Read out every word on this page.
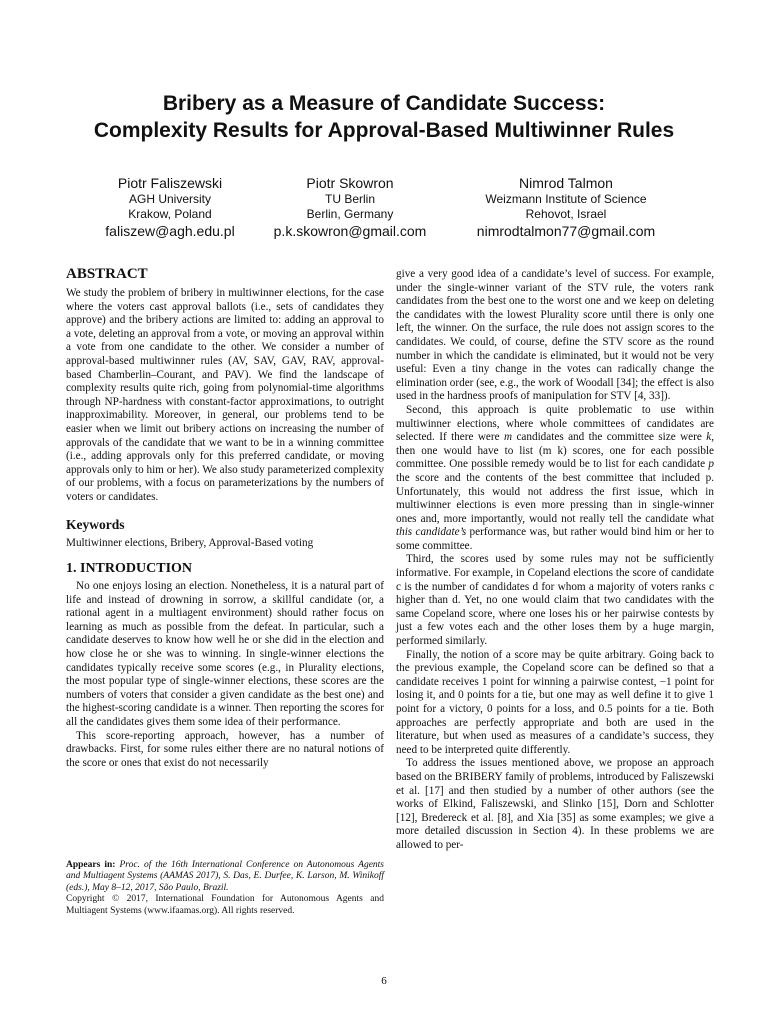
Bribery as a Measure of Candidate Success:
Complexity Results for Approval-Based Multiwinner Rules
Piotr Faliszewski
AGH University
Krakow, Poland
faliszew@agh.edu.pl
Piotr Skowron
TU Berlin
Berlin, Germany
p.k.skowron@gmail.com
Nimrod Talmon
Weizmann Institute of Science
Rehovot, Israel
nimrodtalmon77@gmail.com
ABSTRACT

We study the problem of bribery in multiwinner elections, for the case where the voters cast approval ballots (i.e., sets of candidates they approve) and the bribery actions are limited to: adding an approval to a vote, deleting an approval from a vote, or moving an approval within a vote from one candidate to the other. We consider a number of approval-based multiwinner rules (AV, SAV, GAV, RAV, approval-based Chamberlin–Courant, and PAV). We find the landscape of complexity results quite rich, going from polynomial-time algorithms through NP-hardness with constant-factor approximations, to outright inapproximability. Moreover, in general, our problems tend to be easier when we limit out bribery actions on increasing the number of approvals of the candidate that we want to be in a winning committee (i.e., adding approvals only for this preferred candidate, or moving approvals only to him or her). We also study parameterized complexity of our problems, with a focus on parameterizations by the numbers of voters or candidates.

Keywords

Multiwinner elections, Bribery, Approval-Based voting

1. INTRODUCTION

No one enjoys losing an election. Nonetheless, it is a natural part of life and instead of drowning in sorrow, a skillful candidate (or, a rational agent in a multiagent environment) should rather focus on learning as much as possible from the defeat. In particular, such a candidate deserves to know how well he or she did in the election and how close he or she was to winning. In single-winner elections the candidates typically receive some scores (e.g., in Plurality elections, the most popular type of single-winner elections, these scores are the numbers of voters that consider a given candidate as the best one) and the highest-scoring candidate is a winner. Then reporting the scores for all the candidates gives them some idea of their performance.

This score-reporting approach, however, has a number of drawbacks. First, for some rules either there are no natural notions of the score or ones that exist do not necessarily

give a very good idea of a candidate’s level of success. For example, under the single-winner variant of the STV rule, the voters rank candidates from the best one to the worst one and we keep on deleting the candidates with the lowest Plurality score until there is only one left, the winner. On the surface, the rule does not assign scores to the candidates. We could, of course, define the STV score as the round number in which the candidate is eliminated, but it would not be very useful: Even a tiny change in the votes can radically change the elimination order (see, e.g., the work of Woodall [34]; the effect is also used in the hardness proofs of manipulation for STV [4, 33]).

Second, this approach is quite problematic to use within multiwinner elections, where whole committees of candidates are selected. If there were m candidates and the committee size were k, then one would have to list (m k) scores, one for each possible committee. One possible remedy would be to list for each candidate p the score and the contents of the best committee that included p. Unfortunately, this would not address the first issue, which in multiwinner elections is even more pressing than in single-winner ones and, more importantly, would not really tell the candidate what this candidate’s performance was, but rather would bind him or her to some committee.

Third, the scores used by some rules may not be sufficiently informative. For example, in Copeland elections the score of candidate c is the number of candidates d for whom a majority of voters ranks c higher than d. Yet, no one would claim that two candidates with the same Copeland score, where one loses his or her pairwise contests by just a few votes each and the other loses them by a huge margin, performed similarly.

Finally, the notion of a score may be quite arbitrary. Going back to the previous example, the Copeland score can be defined so that a candidate receives 1 point for winning a pairwise contest, −1 point for losing it, and 0 points for a tie, but one may as well define it to give 1 point for a victory, 0 points for a loss, and 0.5 points for a tie. Both approaches are perfectly appropriate and both are used in the literature, but when used as measures of a candidate’s success, they need to be interpreted quite differently.

To address the issues mentioned above, we propose an approach based on the BRIBERY family of problems, introduced by Faliszewski et al. [17] and then studied by a number of other authors (see the works of Elkind, Faliszewski, and Slinko [15], Dorn and Schlotter [12], Bredereck et al. [8], and Xia [35] as some examples; we give a more detailed discussion in Section 4). In these problems we are allowed to per-

Appears in: Proc. of the 16th International Conference on Autonomous Agents and Multiagent Systems (AAMAS 2017), S. Das, E. Durfee, K. Larson, M. Winikoff (eds.), May 8–12, 2017, São Paulo, Brazil.

Copyright © 2017, International Foundation for Autonomous Agents and Multiagent Systems (www.ifaamas.org). All rights reserved.

6
